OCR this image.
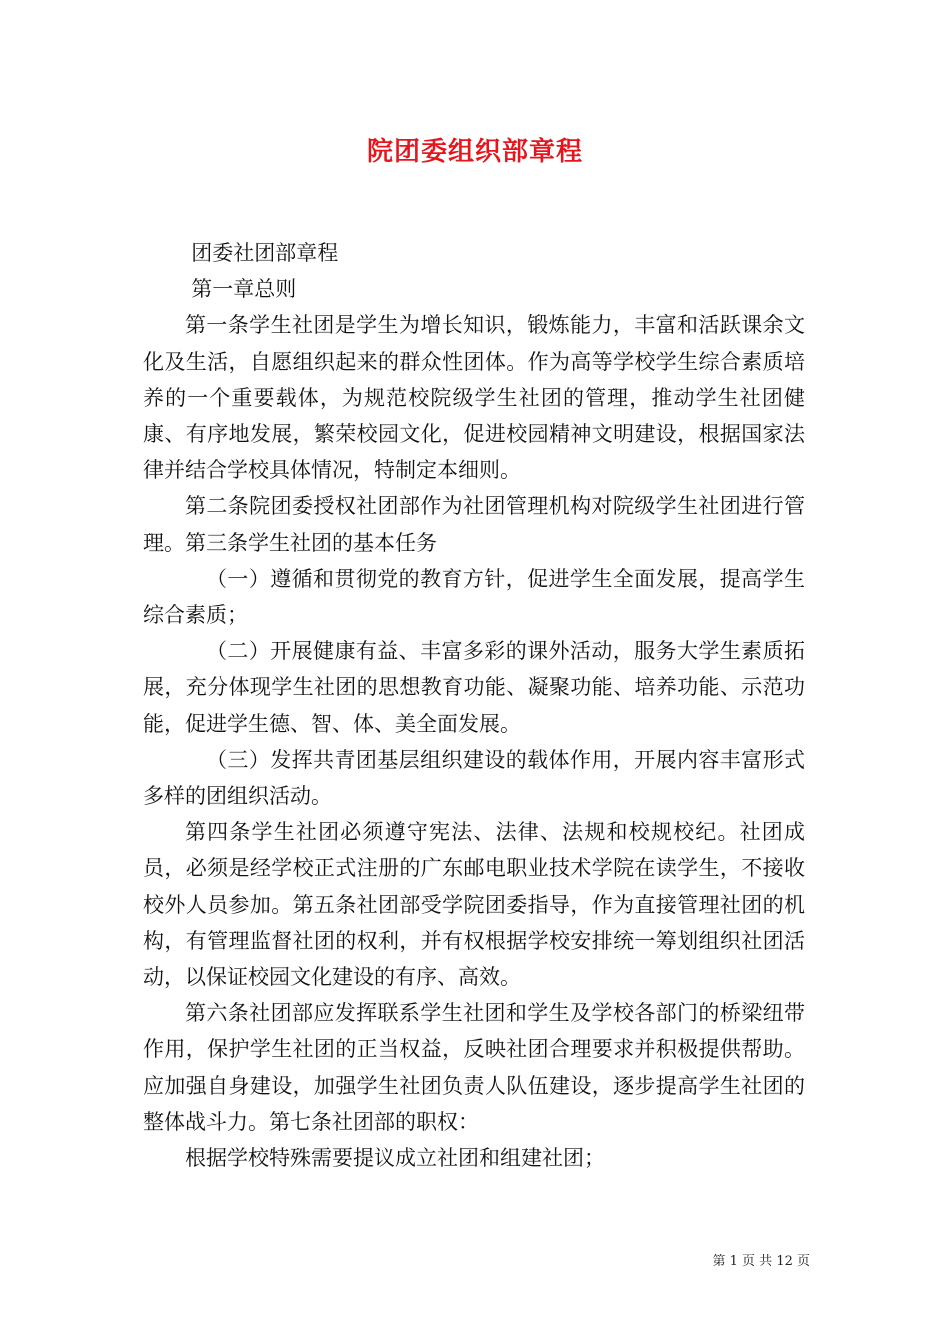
院团委组织部章程

团委社团部章程

第一章总则

第一条学生社团是学生为增长知识，锻炼能力，丰富和活跃课余文化及生活，自愿组织起来的群众性团体。作为高等学校学生综合素质培养的一个重要载体，为规范校院级学生社团的管理，推动学生社团健康、有序地发展，繁荣校园文化，促进校园精神文明建设，根据国家法律并结合学校具体情况，特制定本细则。

第二条院团委授权社团部作为社团管理机构对院级学生社团进行管理。第三条学生社团的基本任务

（一）遵循和贯彻党的教育方针，促进学生全面发展，提高学生综合素质；

（二）开展健康有益、丰富多彩的课外活动，服务大学生素质拓展，充分体现学生社团的思想教育功能、凝聚功能、培养功能、示范功能，促进学生德、智、体、美全面发展。

（三）发挥共青团基层组织建设的载体作用，开展内容丰富形式多样的团组织活动。

第四条学生社团必须遵守宪法、法律、法规和校规校纪。社团成员，必须是经学校正式注册的广东邮电职业技术学院在读学生，不接收校外人员参加。第五条社团部受学院团委指导，作为直接管理社团的机构，有管理监督社团的权利，并有权根据学校安排统一筹划组织社团活动，以保证校园文化建设的有序、高效。

第六条社团部应发挥联系学生社团和学生及学校各部门的桥梁纽带作用，保护学生社团的正当权益，反映社团合理要求并积极提供帮助。应加强自身建设，加强学生社团负责人队伍建设，逐步提高学生社团的整体战斗力。第七条社团部的职权：

根据学校特殊需要提议成立社团和组建社团；

第 1 页 共 12 页
